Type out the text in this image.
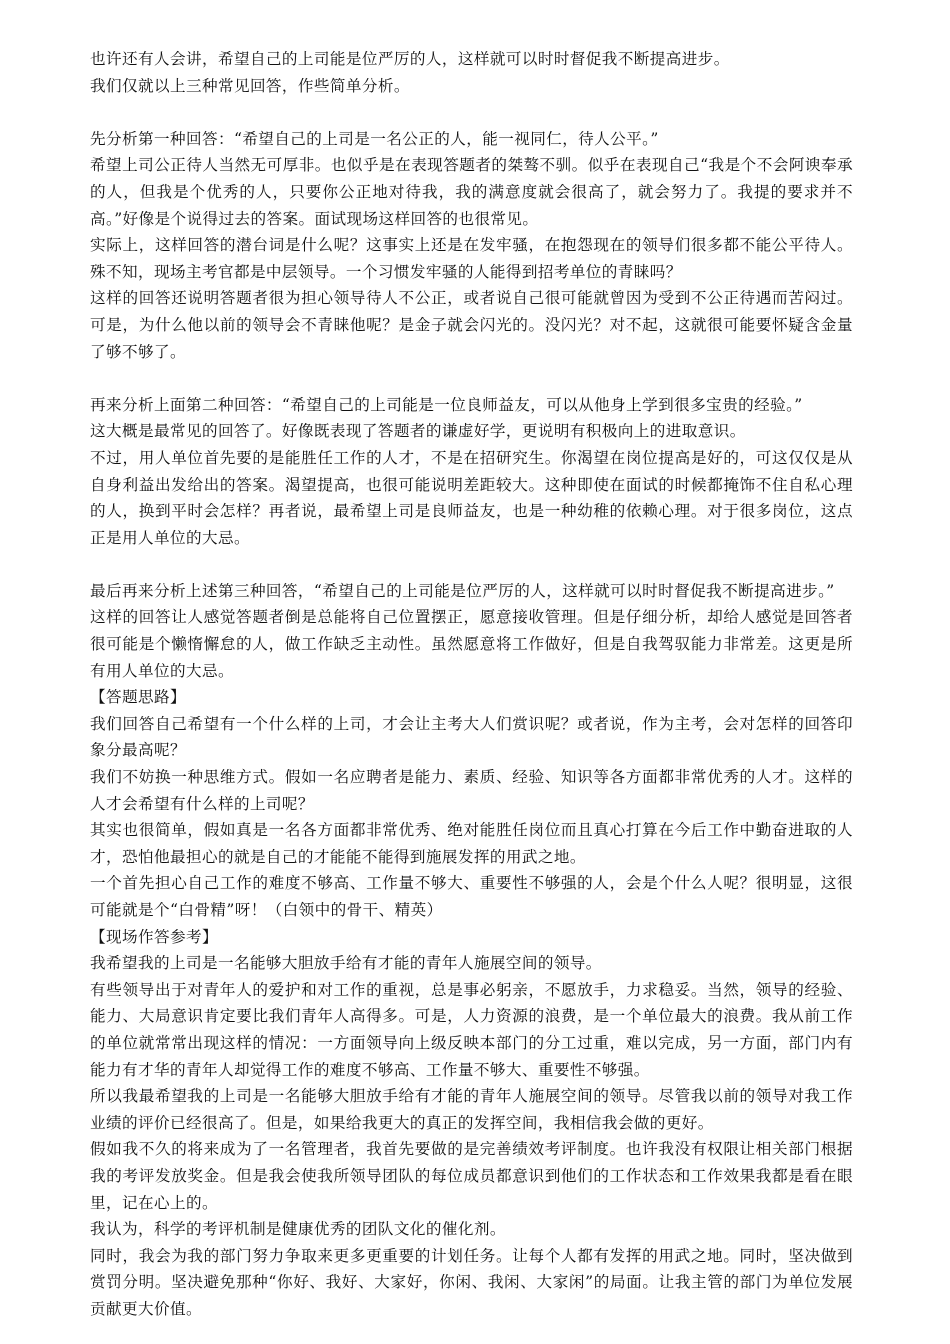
也许还有人会讲，希望自己的上司能是位严厉的人，这样就可以时时督促我不断提高进步。

我们仅就以上三种常见回答，作些简单分析。

先分析第一种回答：“希望自己的上司是一名公正的人，能一视同仁，待人公平。”

希望上司公正待人当然无可厚非。也似乎是在表现答题者的桀骜不驯。似乎在表现自己“我是个不会阿谀奉承的人，但我是个优秀的人，只要你公正地对待我，我的满意度就会很高了，就会努力了。我提的要求并不高。”好像是个说得过去的答案。面试现场这样回答的也很常见。

实际上，这样回答的潜台词是什么呢？这事实上还是在发牢骚，在抱怨现在的领导们很多都不能公平待人。殊不知，现场主考官都是中层领导。一个习惯发牢骚的人能得到招考单位的青睐吗？

这样的回答还说明答题者很为担心领导待人不公正，或者说自己很可能就曾因为受到不公正待遇而苦闷过。可是，为什么他以前的领导会不青睐他呢？是金子就会闪光的。没闪光？对不起，这就很可能要怀疑含金量了够不够了。

再来分析上面第二种回答：“希望自己的上司能是一位良师益友，可以从他身上学到很多宝贵的经验。”

这大概是最常见的回答了。好像既表现了答题者的谦虚好学，更说明有积极向上的进取意识。

不过，用人单位首先要的是能胜任工作的人才，不是在招研究生。你渴望在岗位提高是好的，可这仅仅是从自身利益出发给出的答案。渴望提高，也很可能说明差距较大。这种即使在面试的时候都掩饰不住自私心理的人，换到平时会怎样？再者说，最希望上司是良师益友，也是一种幼稚的依赖心理。对于很多岗位，这点正是用人单位的大忌。

最后再来分析上述第三种回答，“希望自己的上司能是位严厉的人，这样就可以时时督促我不断提高进步。”

这样的回答让人感觉答题者倒是总能将自己位置摆正，愿意接收管理。但是仔细分析，却给人感觉是回答者很可能是个懒惰懈怠的人，做工作缺乏主动性。虽然愿意将工作做好，但是自我驾驭能力非常差。这更是所有用人单位的大忌。

【答题思路】

我们回答自己希望有一个什么样的上司，才会让主考大人们赏识呢？或者说，作为主考，会对怎样的回答印象分最高呢？

我们不妨换一种思维方式。假如一名应聘者是能力、素质、经验、知识等各方面都非常优秀的人才。这样的人才会希望有什么样的上司呢？

其实也很简单，假如真是一名各方面都非常优秀、绝对能胜任岗位而且真心打算在今后工作中勤奋进取的人才，恐怕他最担心的就是自己的才能能不能得到施展发挥的用武之地。

一个首先担心自己工作的难度不够高、工作量不够大、重要性不够强的人，会是个什么人呢？很明显，这很可能就是个“白骨精”呀！（白领中的骨干、精英）

【现场作答参考】

我希望我的上司是一名能够大胆放手给有才能的青年人施展空间的领导。

有些领导出于对青年人的爱护和对工作的重视，总是事必躬亲，不愿放手，力求稳妥。当然，领导的经验、能力、大局意识肯定要比我们青年人高得多。可是，人力资源的浪费，是一个单位最大的浪费。我从前工作的单位就常常出现这样的情况：一方面领导向上级反映本部门的分工过重，难以完成，另一方面，部门内有能力有才华的青年人却觉得工作的难度不够高、工作量不够大、重要性不够强。

所以我最希望我的上司是一名能够大胆放手给有才能的青年人施展空间的领导。尽管我以前的领导对我工作业绩的评价已经很高了。但是，如果给我更大的真正的发挥空间，我相信我会做的更好。

假如我不久的将来成为了一名管理者，我首先要做的是完善绩效考评制度。也许我没有权限让相关部门根据我的考评发放奖金。但是我会使我所领导团队的每位成员都意识到他们的工作状态和工作效果我都是看在眼里，记在心上的。

我认为，科学的考评机制是健康优秀的团队文化的催化剂。

同时，我会为我的部门努力争取来更多更重要的计划任务。让每个人都有发挥的用武之地。同时，坚决做到赏罚分明。坚决避免那种“你好、我好、大家好，你闲、我闲、大家闲”的局面。让我主管的部门为单位发展贡献更大价值。
